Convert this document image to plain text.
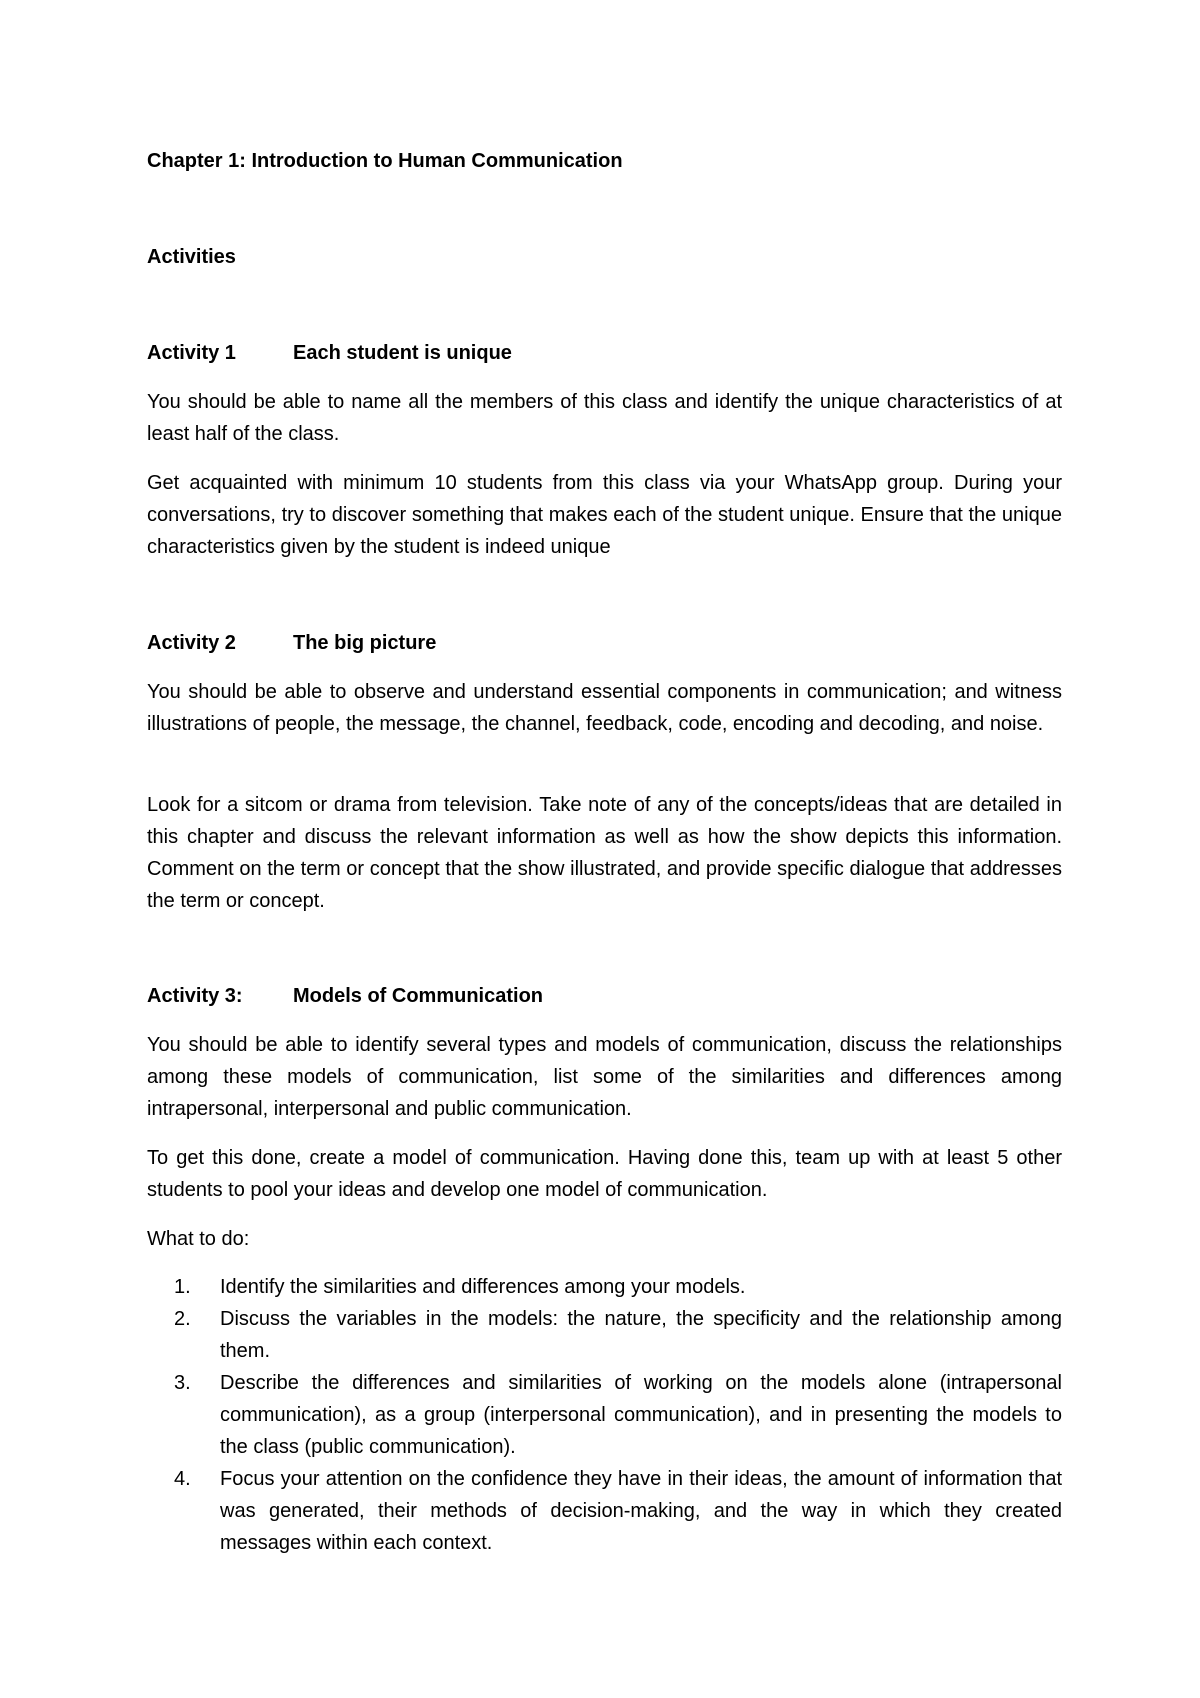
Chapter 1: Introduction to Human Communication
Activities
Activity 1	Each student is unique

You should be able to name all the members of this class and identify the unique characteristics of at least half of the class.

Get acquainted with minimum 10 students from this class via your WhatsApp group. During your conversations, try to discover something that makes each of the student unique. Ensure that the unique characteristics given by the student is indeed unique

Activity 2	The big picture

You should be able to observe and understand essential components in communication; and witness illustrations of people, the message, the channel, feedback, code, encoding and decoding, and noise.

Look for a sitcom or drama from television. Take note of any of the concepts/ideas that are detailed in this chapter and discuss the relevant information as well as how the show depicts this information. Comment on the term or concept that the show illustrated, and provide specific dialogue that addresses the term or concept.

Activity 3:	Models of Communication

You should be able to identify several types and models of communication, discuss the relationships among these models of communication, list some of the similarities and differences among intrapersonal, interpersonal and public communication.

To get this done, create a model of communication. Having done this, team up with at least 5 other students to pool your ideas and develop one model of communication.

What to do:

1. Identify the similarities and differences among your models.
2. Discuss the variables in the models: the nature, the specificity and the relationship among them.
3. Describe the differences and similarities of working on the models alone (intrapersonal communication), as a group (interpersonal communication), and in presenting the models to the class (public communication).
4. Focus your attention on the confidence they have in their ideas, the amount of information that was generated, their methods of decision-making, and the way in which they created messages within each context.
